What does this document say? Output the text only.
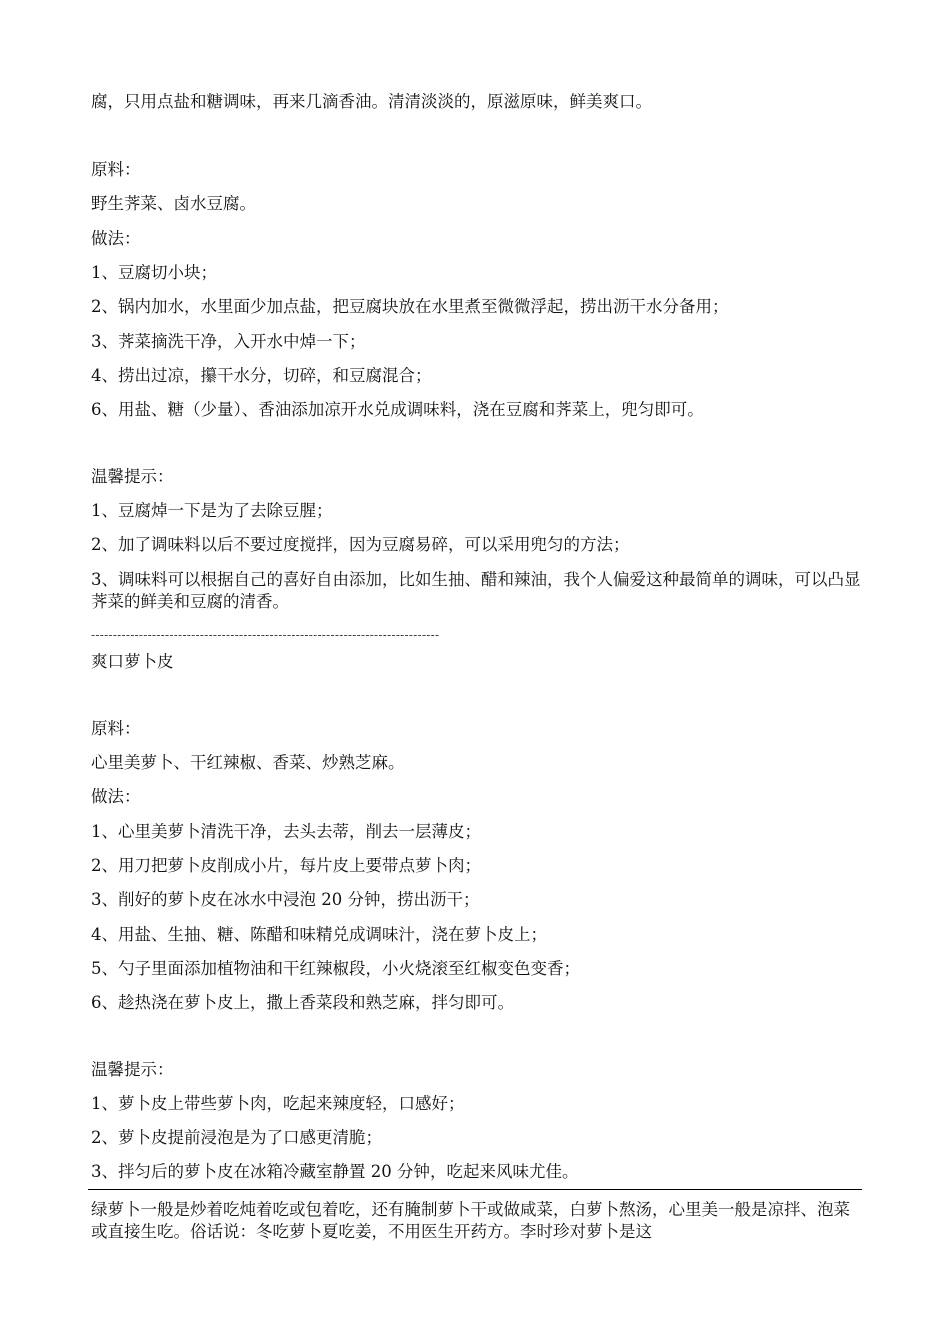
腐，只用点盐和糖调味，再来几滴香油。清清淡淡的，原滋原味，鲜美爽口。
原料：
野生荠菜、卤水豆腐。
做法：
1、豆腐切小块；
2、锅内加水，水里面少加点盐，把豆腐块放在水里煮至微微浮起，捞出沥干水分备用；
3、荠菜摘洗干净，入开水中焯一下；
4、捞出过凉，攥干水分，切碎，和豆腐混合；
6、用盐、糖（少量）、香油添加凉开水兑成调味料，浇在豆腐和荠菜上，兜匀即可。
温馨提示：
1、豆腐焯一下是为了去除豆腥；
2、加了调味料以后不要过度搅拌，因为豆腐易碎，可以采用兜匀的方法；
3、调味料可以根据自己的喜好自由添加，比如生抽、醋和辣油，我个人偏爱这种最简单的调味，可以凸显荠菜的鲜美和豆腐的清香。
--------------------------------------------------------------------------------
爽口萝卜皮
原料：
心里美萝卜、干红辣椒、香菜、炒熟芝麻。
做法：
1、心里美萝卜清洗干净，去头去蒂，削去一层薄皮；
2、用刀把萝卜皮削成小片，每片皮上要带点萝卜肉；
3、削好的萝卜皮在冰水中浸泡 20 分钟，捞出沥干；
4、用盐、生抽、糖、陈醋和味精兑成调味汁，浇在萝卜皮上；
5、勺子里面添加植物油和干红辣椒段，小火烧滚至红椒变色变香；
6、趁热浇在萝卜皮上，撒上香菜段和熟芝麻，拌匀即可。
温馨提示：
1、萝卜皮上带些萝卜肉，吃起来辣度轻，口感好；
2、萝卜皮提前浸泡是为了口感更清脆；
3、拌匀后的萝卜皮在冰箱冷藏室静置 20 分钟，吃起来风味尤佳。
绿萝卜一般是炒着吃炖着吃或包着吃，还有腌制萝卜干或做咸菜，白萝卜熬汤，心里美一般是凉拌、泡菜或直接生吃。俗话说：冬吃萝卜夏吃姜，不用医生开药方。李时珍对萝卜是这
